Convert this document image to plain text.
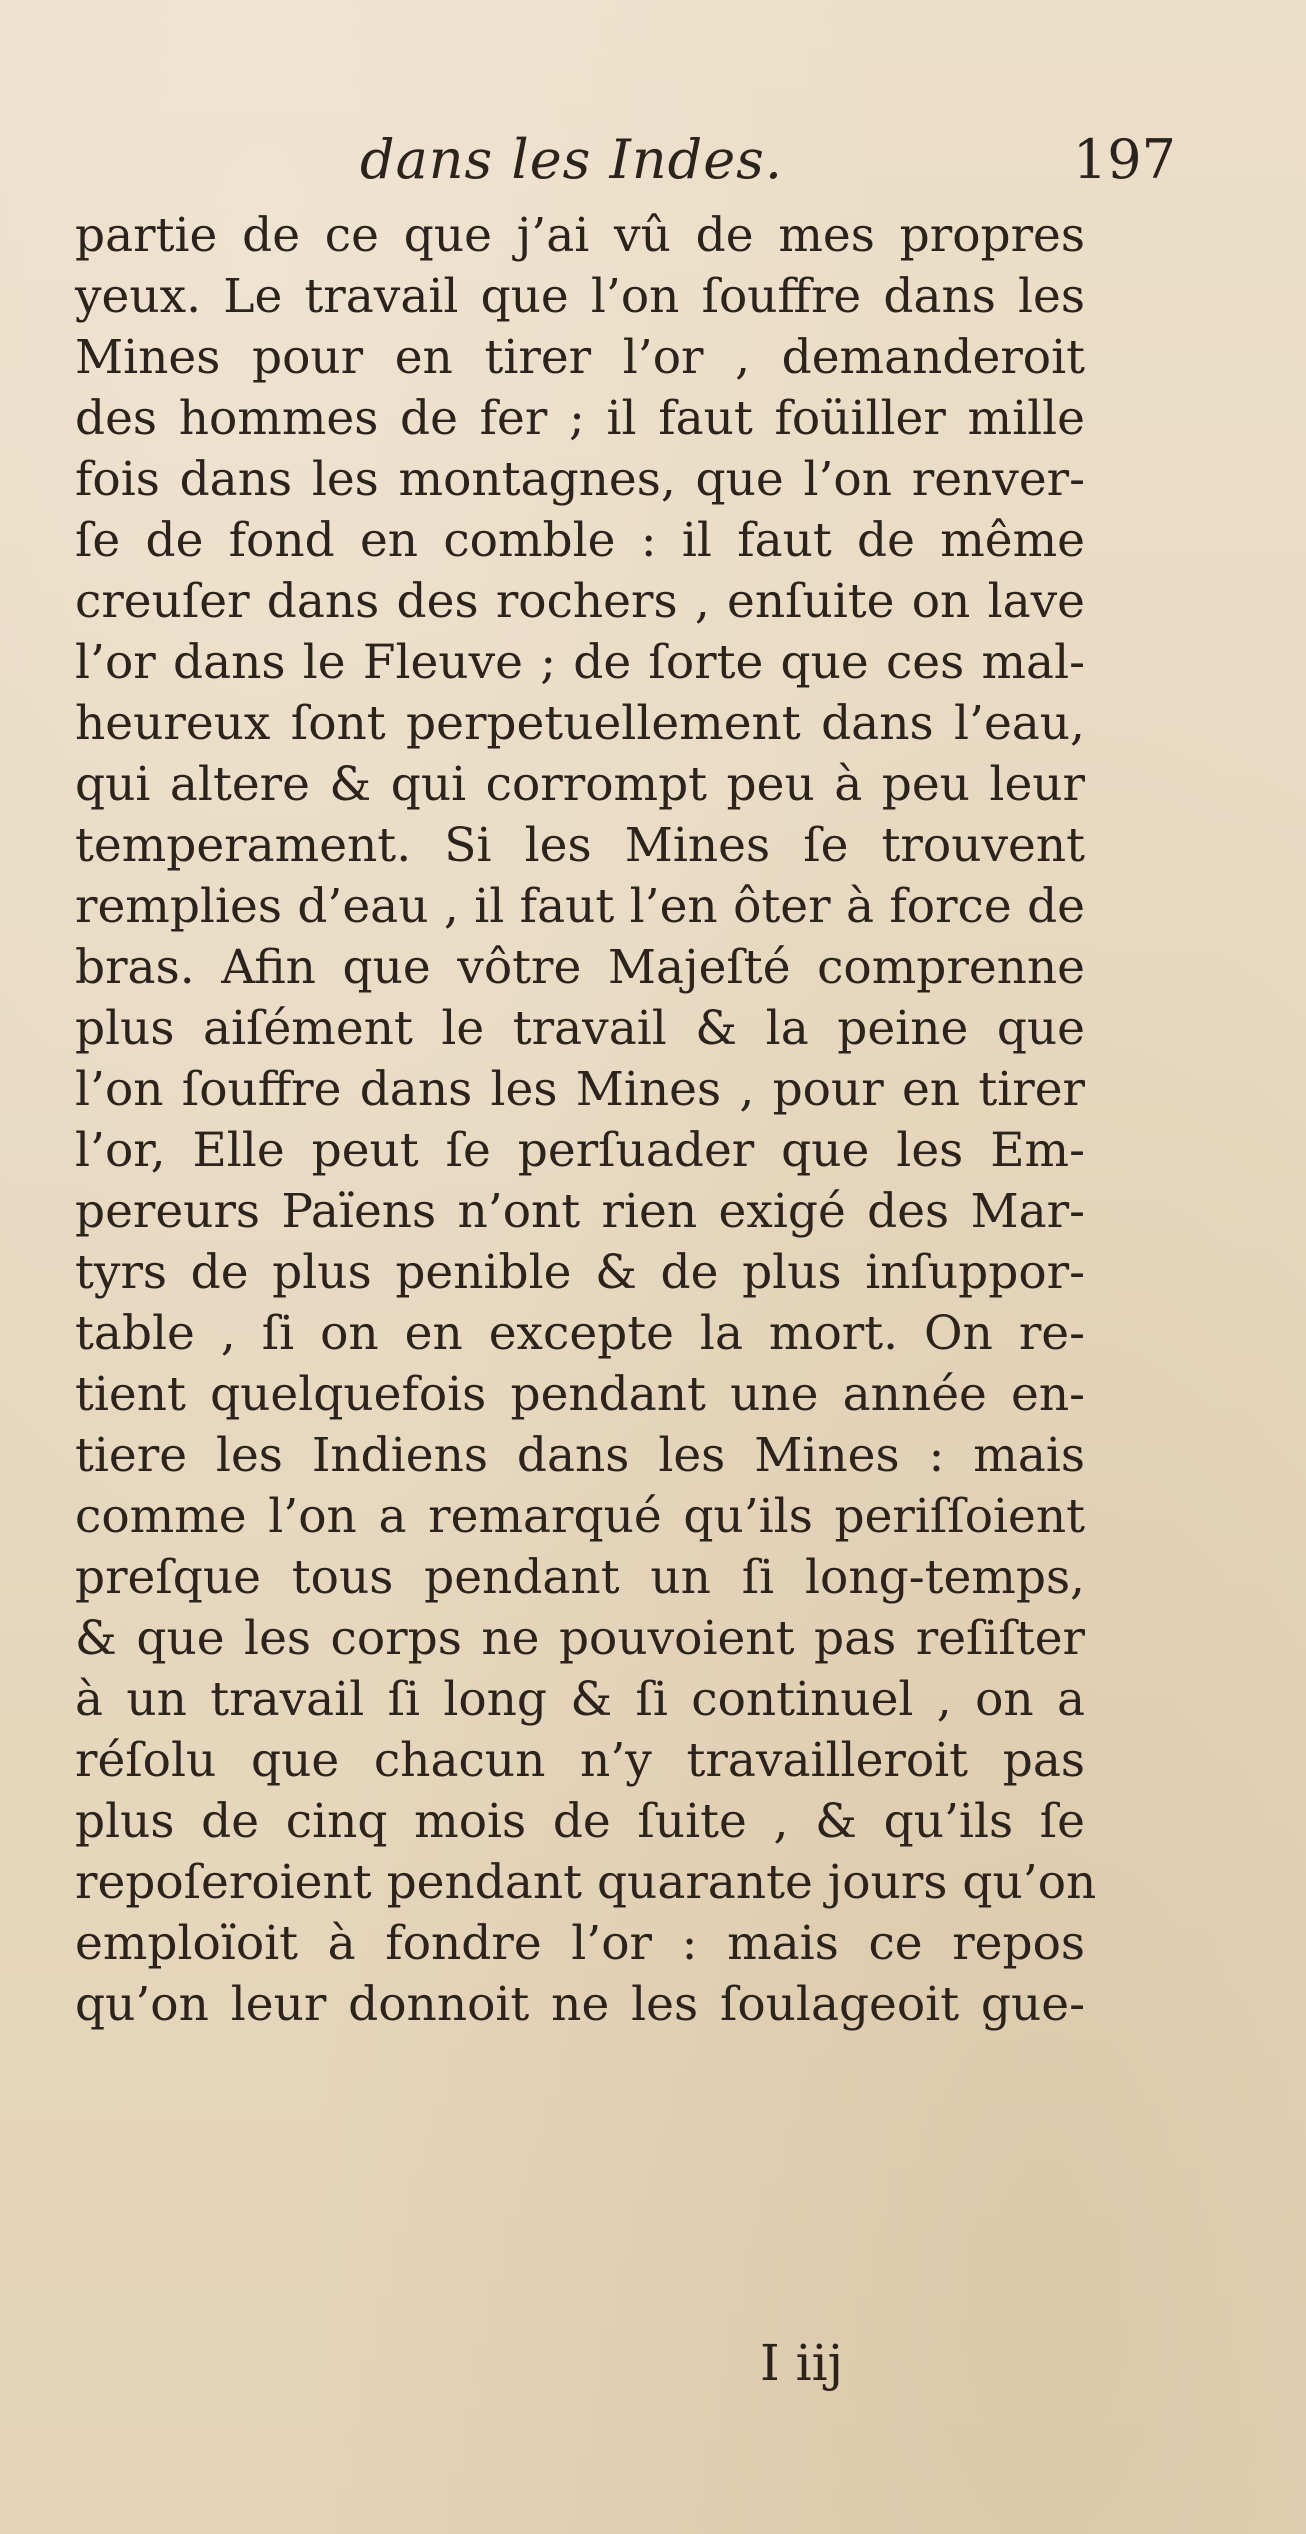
dans les Indes.	197
partie de ce que j’ai vû de mes propres
yeux. Le travail que l’on ſouffre dans les
Mines pour en tirer l’or , demanderoit
des hommes de fer ; il faut foüiller mille
fois dans les montagnes, que l’on renver-
ſe de fond en comble : il faut de même
creuſer dans des rochers , enſuite on lave
l’or dans le Fleuve ; de ſorte que ces mal-
heureux ſont perpetuellement dans l’eau,
qui altere & qui corrompt peu à peu leur
temperament. Si les Mines ſe trouvent
remplies d’eau , il faut l’en ôter à force de
bras. Afin que vôtre Majeſté comprenne
plus aiſément le travail & la peine que
l’on ſouffre dans les Mines , pour en tirer
l’or, Elle peut ſe perſuader que les Em-
pereurs Païens n’ont rien exigé des Mar-
tyrs de plus penible & de plus inſuppor-
table , ſi on en excepte la mort. On re-
tient quelquefois pendant une année en-
tiere les Indiens dans les Mines : mais
comme l’on a remarqué qu’ils periſſoient
preſque tous pendant un ſi long-temps,
& que les corps ne pouvoient pas reſiſter
à un travail ſi long & ſi continuel , on a
réſolu que chacun n’y travailleroit pas
plus de cinq mois de ſuite , & qu’ils ſe
repoſeroient pendant quarante jours qu’on
emploïoit à fondre l’or : mais ce repos
qu’on leur donnoit ne les ſoulageoit gue-
I iij
